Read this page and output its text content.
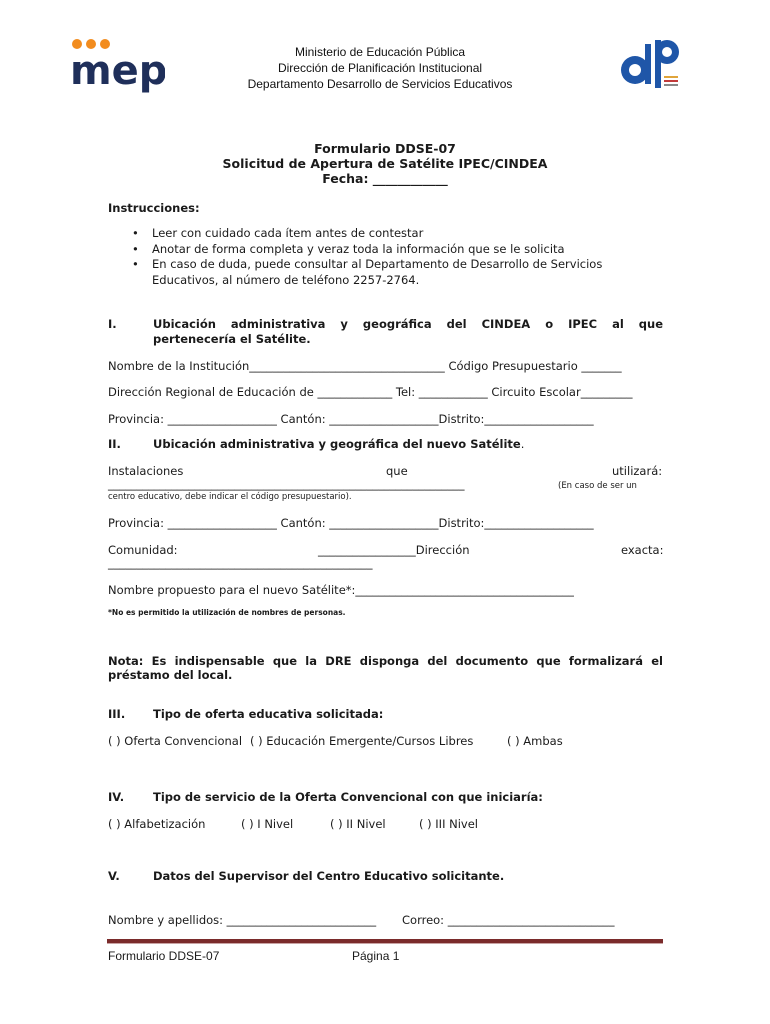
mep	Ministerio de Educación Pública
Dirección de Planificación Institucional
Departamento Desarrollo de Servicios Educativos
Formulario DDSE-07
Solicitud de Apertura de Satélite IPEC/CINDEA
Fecha: ____________
Instrucciones:
• Leer con cuidado cada ítem antes de contestar
• Anotar de forma completa y veraz toda la información que se le solicita
• En caso de duda, puede consultar al Departamento de Desarrollo de Servicios
Educativos, al número de teléfono 2257-2764.
I.	Ubicación administrativa y geográfica del CINDEA o IPEC al que
pertenecería el Satélite.
Nombre de la Institución__________________________________ Código Presupuestario _______
Dirección Regional de Educación de _____________ Tel: ____________ Circuito Escolar_________
Provincia: ___________________ Cantón: ___________________Distrito:___________________
II.	Ubicación administrativa y geográfica del nuevo Satélite.
Instalaciones	que	utilizará:
______________________________________________________________	(En caso de ser un
centro educativo, debe indicar el código presupuestario).
Provincia: ___________________ Cantón: ___________________Distrito:___________________
Comunidad:	_________________Dirección	exacta:
______________________________________________
Nombre propuesto para el nuevo Satélite*:______________________________________
*No es permitido la utilización de nombres de personas.
Nota: Es indispensable que la DRE disponga del documento que formalizará el
préstamo del local.
III. Tipo de oferta educativa solicitada:
( ) Oferta Convencional ( ) Educación Emergente/Cursos Libres	( ) Ambas
IV.	Tipo de servicio de la Oferta Convencional con que iniciaría:
( ) Alfabetización	( ) I Nivel	( ) II Nivel	( ) III Nivel
V.	Datos del Supervisor del Centro Educativo solicitante.
Nombre y apellidos: __________________________ Correo: _____________________________
Formulario DDSE-07	Página 1
